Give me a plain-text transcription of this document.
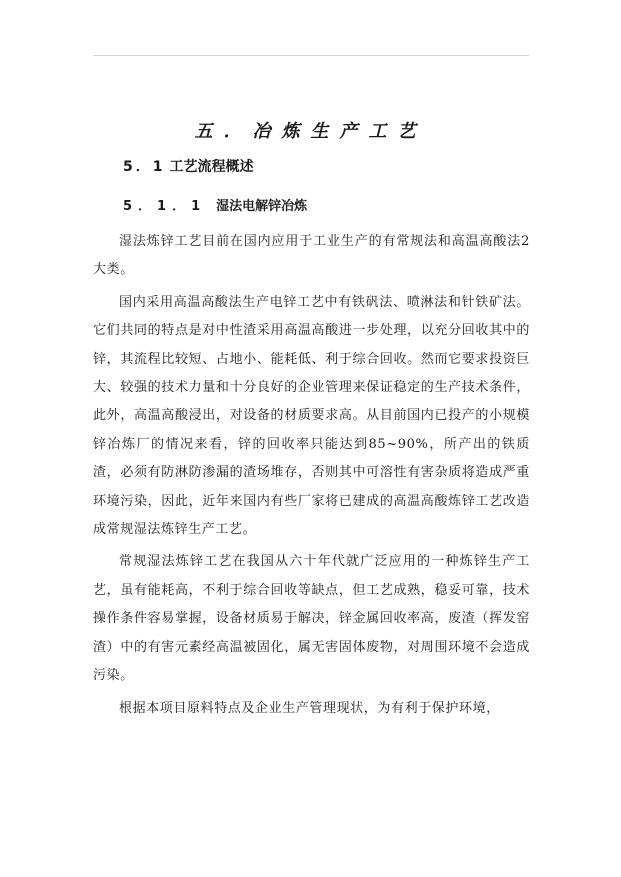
五．冶炼生产工艺
5．1 工艺流程概述
5．1．1 湿法电解锌冶炼

湿法炼锌工艺目前在国内应用于工业生产的有常规法和高温高酸法2大类。

国内采用高温高酸法生产电锌工艺中有铁矾法、喷淋法和针铁矿法。它们共同的特点是对中性渣采用高温高酸进一步处理，以充分回收其中的锌，其流程比较短、占地小、能耗低、利于综合回收。然而它要求投资巨大、较强的技术力量和十分良好的企业管理来保证稳定的生产技术条件，此外，高温高酸浸出，对设备的材质要求高。从目前国内已投产的小规模锌冶炼厂的情况来看，锌的回收率只能达到85~90%，所产出的铁质渣，必须有防淋防渗漏的渣场堆存，否则其中可溶性有害杂质将造成严重环境污染，因此，近年来国内有些厂家将已建成的高温高酸炼锌工艺改造成常规湿法炼锌生产工艺。

常规湿法炼锌工艺在我国从六十年代就广泛应用的一种炼锌生产工艺，虽有能耗高，不利于综合回收等缺点，但工艺成熟，稳妥可靠，技术操作条件容易掌握，设备材质易于解决，锌金属回收率高，废渣（挥发窑渣）中的有害元素经高温被固化，属无害固体废物，对周围环境不会造成污染。

根据本项目原料特点及企业生产管理现状，为有利于保护环境，
